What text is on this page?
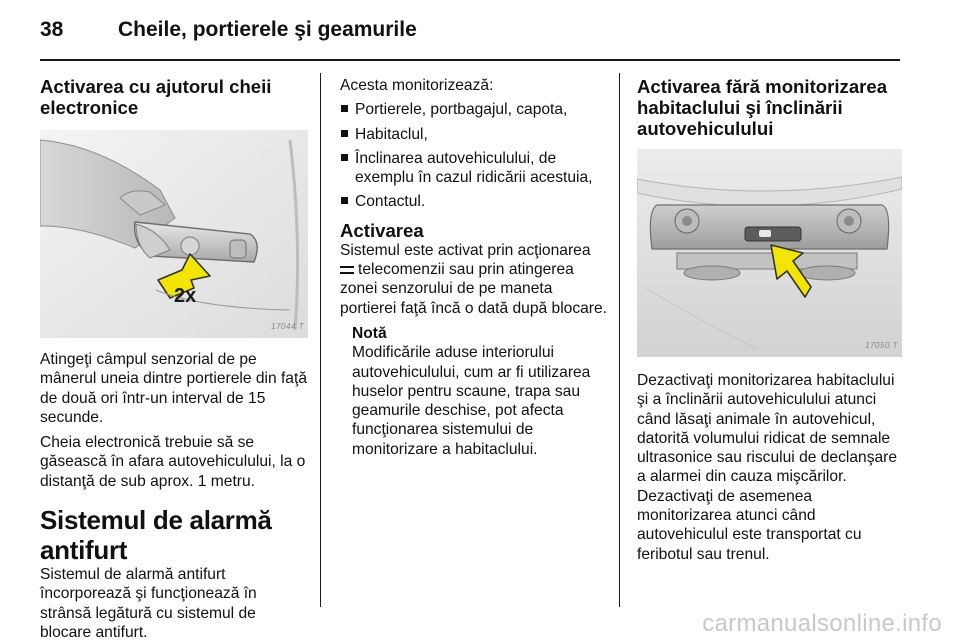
38	Cheile, portierele şi geamurile
Activarea cu ajutorul cheii electronice
2x
17044 T

Atingeţi câmpul senzorial de pe mânerul uneia dintre portierele din faţă de două ori într-un interval de 15 secunde.

Cheia electronică trebuie să se găsească în afara autovehiculului, la o distanţă de sub aprox. 1 metru.

Sistemul de alarmă antifurt

Sistemul de alarmă antifurt încorporează şi funcţionează în strânsă legătură cu sistemul de blocare antifurt.

Acesta monitorizează:

Portierele, portbagajul, capota,
Habitaclul,
Înclinarea autovehiculului, de exemplu în cazul ridicării acestuia,
Contactul.
Activarea

Sistemul este activat prin acţionarea
telecomenzii sau prin atingerea zonei senzorului de pe maneta portierei faţă încă o dată după blocare.

Notă

Modificările aduse interiorului autovehiculului, cum ar fi utilizarea huselor pentru scaune, trapa sau geamurile deschise, pot afecta funcţionarea sistemului de monitorizare a habitaclului.

Activarea fără monitorizarea habitaclului şi înclinării autovehiculului
17050 T

Dezactivaţi monitorizarea habitaclului şi a înclinării autovehiculului atunci când lăsaţi animale în autovehicul, datorită volumului ridicat de semnale ultrasonice sau riscului de declanşare a alarmei din cauza mişcărilor. Dezactivaţi de asemenea monitorizarea atunci când autovehiculul este transportat cu feribotul sau trenul.

carmanualsonline.info
